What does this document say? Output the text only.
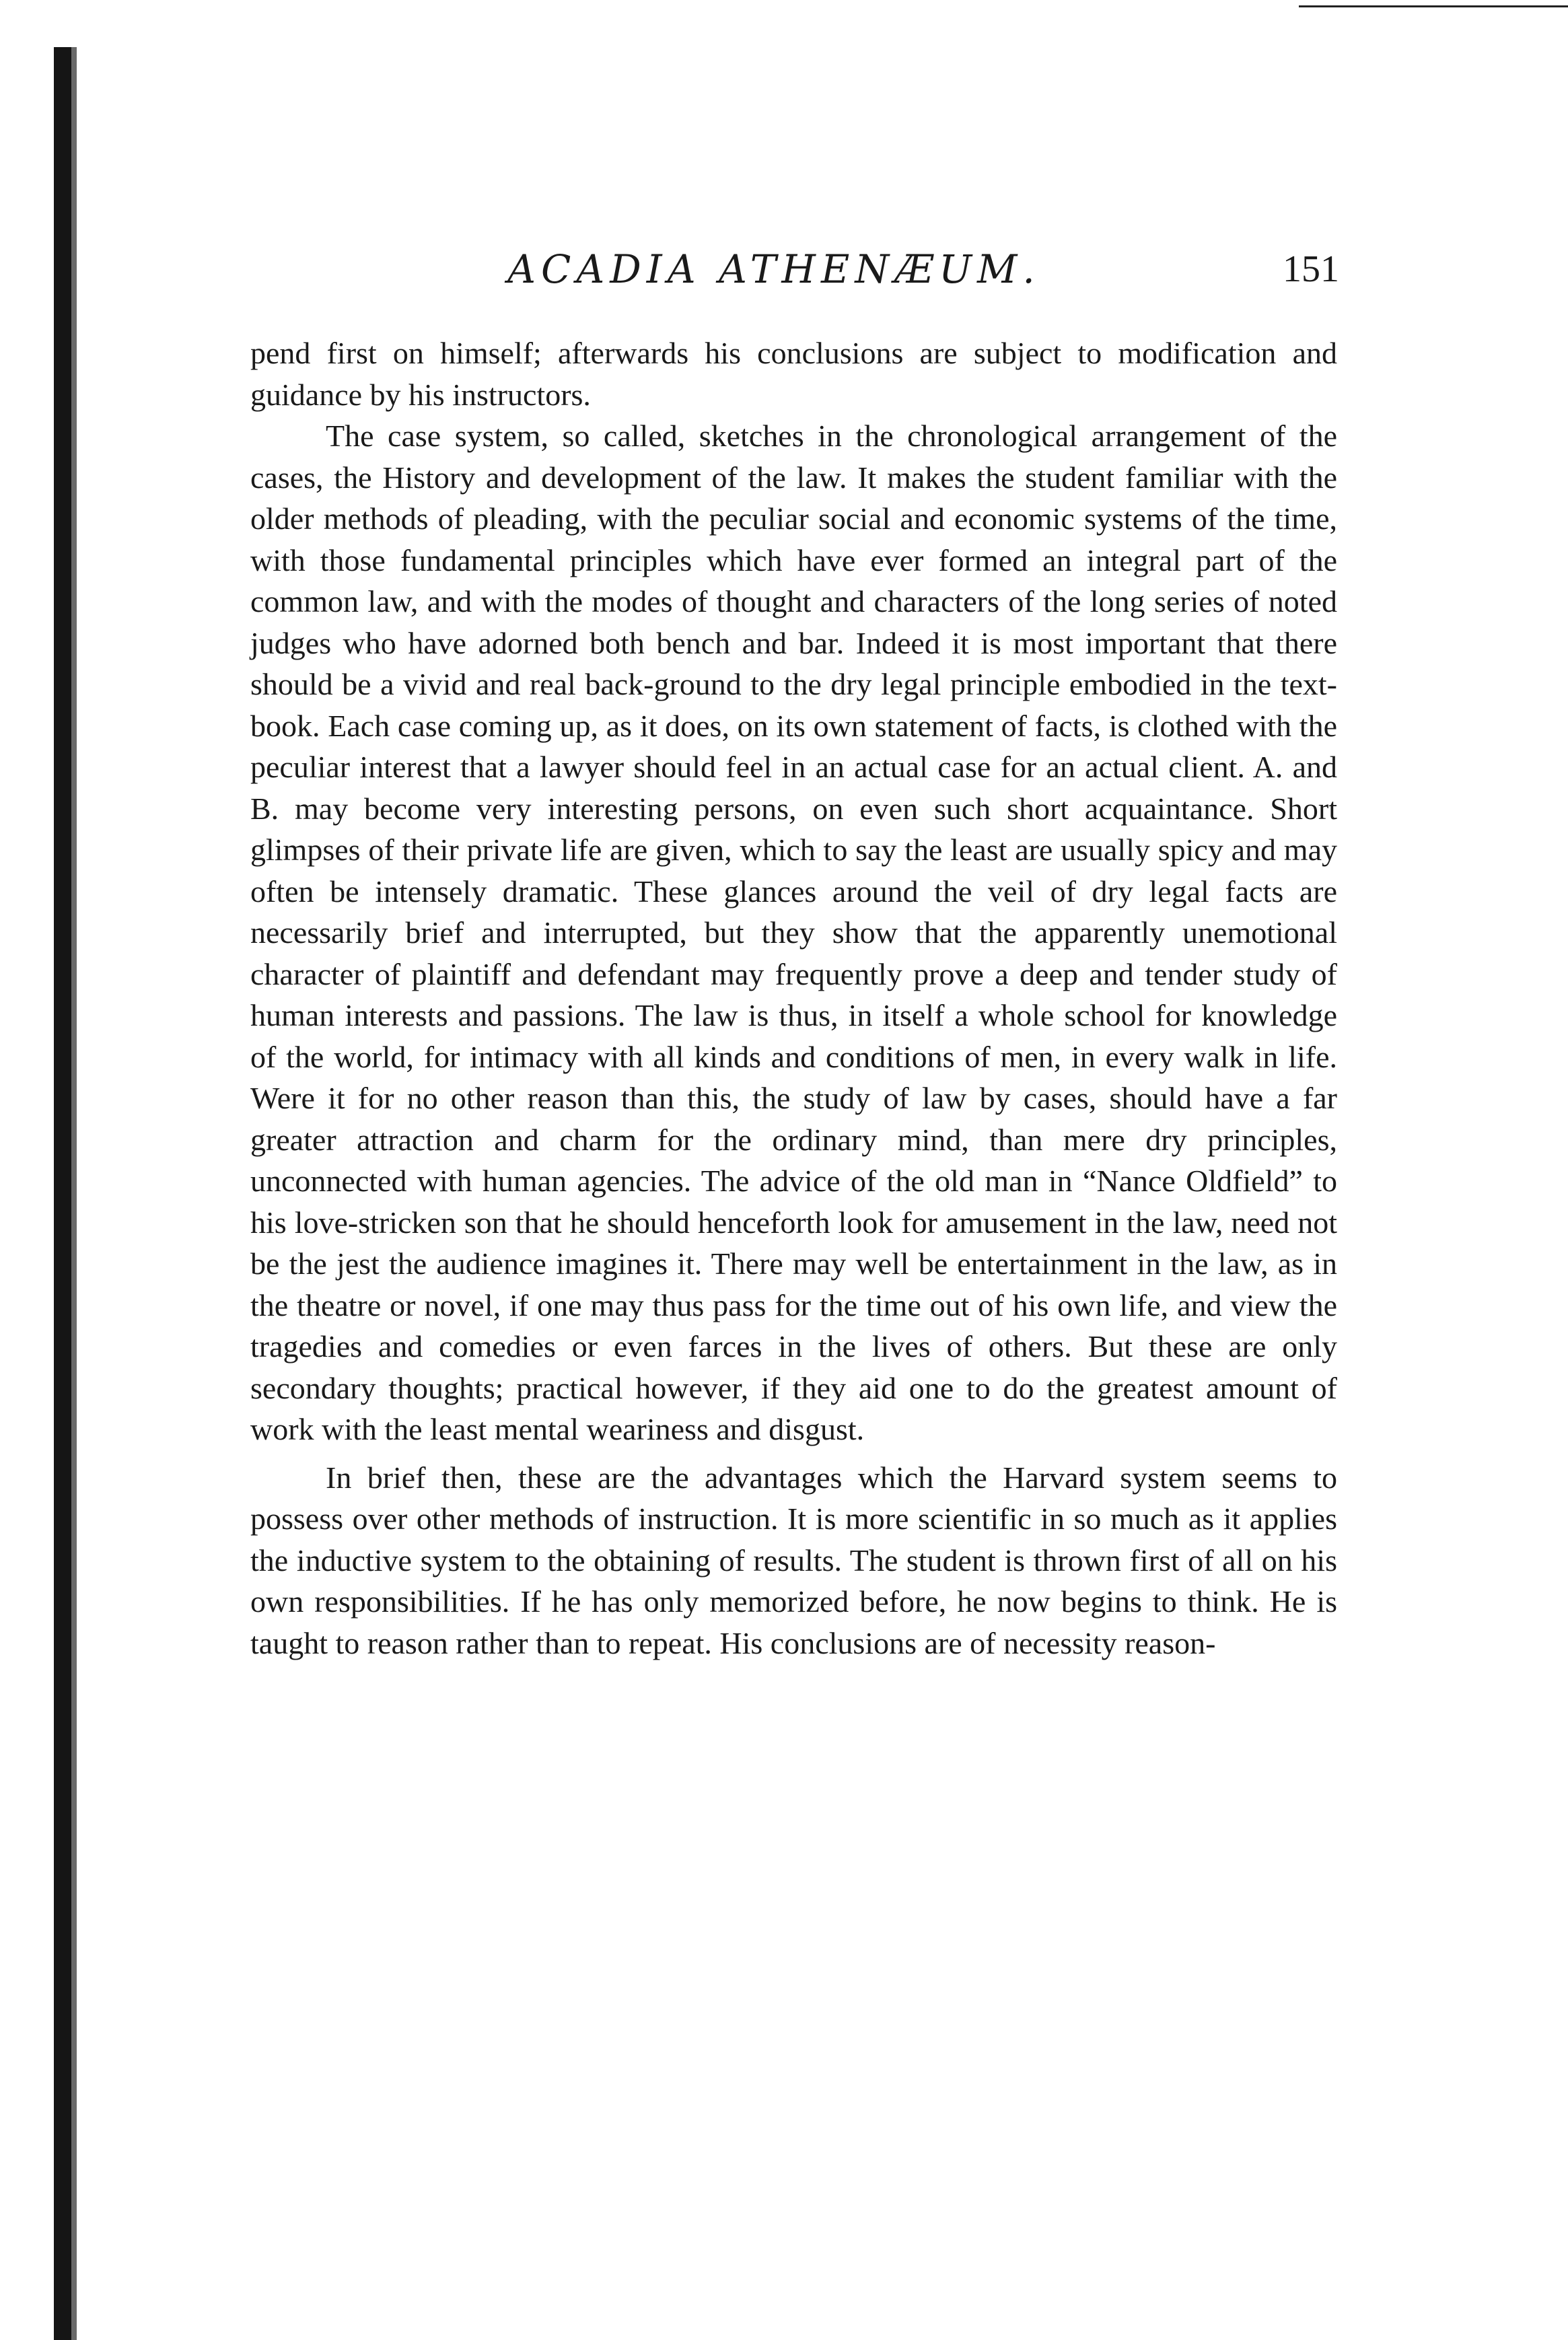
ACADIA ATHENÆUM.	151

pend first on himself; afterwards his conclusions are subject to modification and guidance by his instructors.

The case system, so called, sketches in the chronological arrangement of the cases, the History and development of the law. It makes the student familiar with the older methods of pleading, with the peculiar social and economic systems of the time, with those fundamental principles which have ever formed an integral part of the common law, and with the modes of thought and characters of the long series of noted judges who have adorned both bench and bar. Indeed it is most important that there should be a vivid and real back-ground to the dry legal principle embodied in the text-book. Each case coming up, as it does, on its own statement of facts, is clothed with the peculiar interest that a lawyer should feel in an actual case for an actual client. A. and B. may become very interesting persons, on even such short acquaintance. Short glimpses of their private life are given, which to say the least are usually spicy and may often be intensely dramatic. These glances around the veil of dry legal facts are necessarily brief and interrupted, but they show that the apparently unemotional character of plaintiff and defendant may frequently prove a deep and tender study of human interests and passions. The law is thus, in itself a whole school for knowledge of the world, for intimacy with all kinds and conditions of men, in every walk in life. Were it for no other reason than this, the study of law by cases, should have a far greater attraction and charm for the ordinary mind, than mere dry principles, unconnected with human agencies. The advice of the old man in “Nance Oldfield” to his love-stricken son that he should henceforth look for amusement in the law, need not be the jest the audience imagines it. There may well be entertainment in the law, as in the theatre or novel, if one may thus pass for the time out of his own life, and view the tragedies and comedies or even farces in the lives of others. But these are only secondary thoughts; practical however, if they aid one to do the greatest amount of work with the least mental weariness and disgust.

In brief then, these are the advantages which the Harvard system seems to possess over other methods of instruction. It is more scientific in so much as it applies the inductive system to the obtaining of results. The student is thrown first of all on his own responsibilities. If he has only memorized before, he now begins to think. He is taught to reason rather than to repeat. His conclusions are of necessity reason-
